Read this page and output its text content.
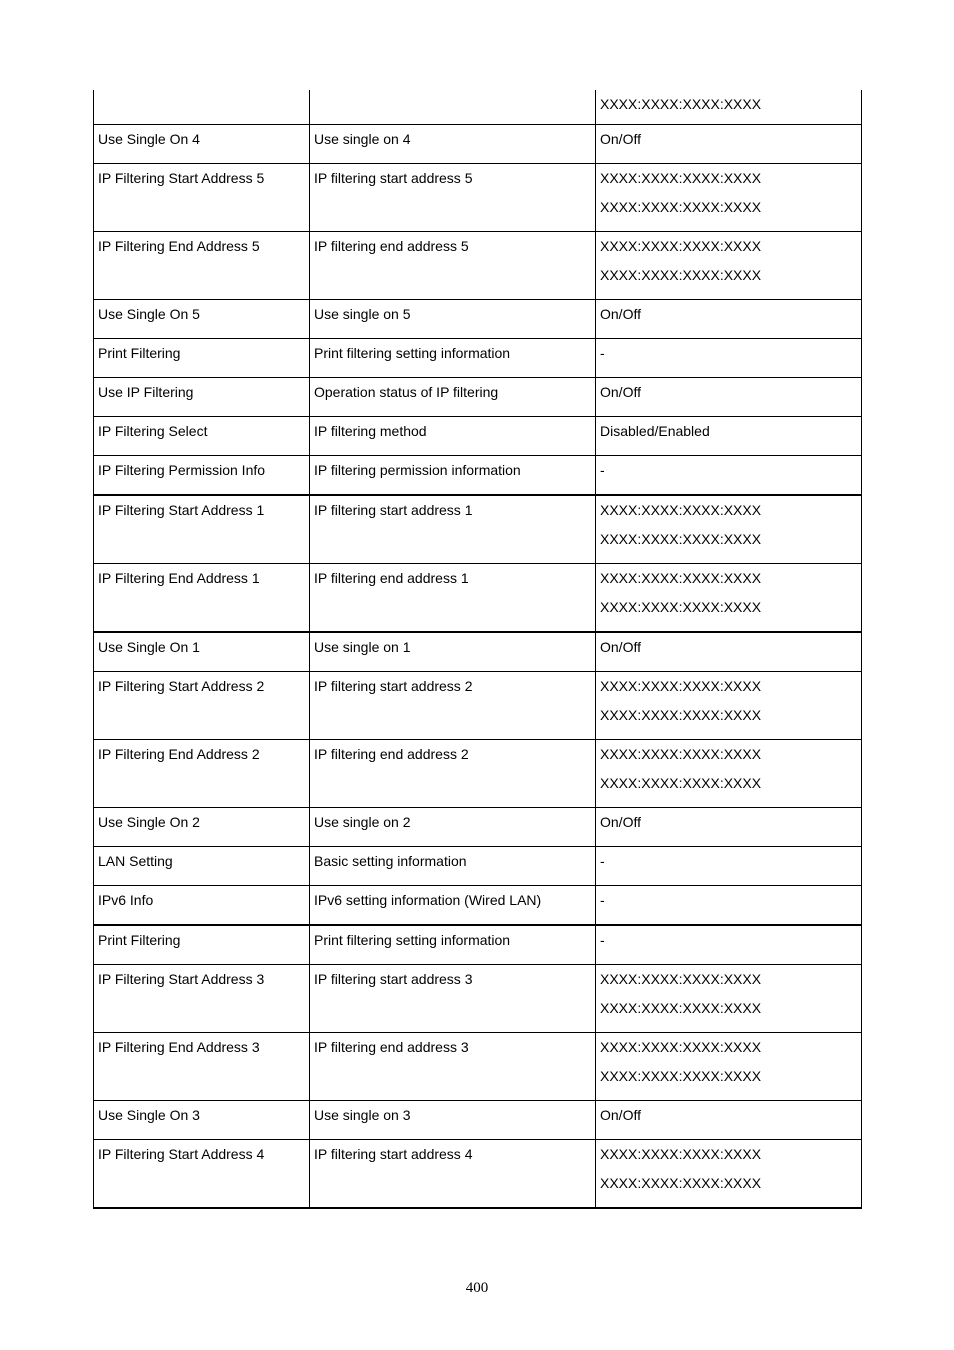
		XXXX:XXXX:XXXX:XXXX

Use Single On 4	Use single on 4	On/Off

IP Filtering Start Address 5	IP filtering start address 5	XXXX:XXXX:XXXX:XXXX
XXXX:XXXX:XXXX:XXXX

IP Filtering End Address 5	IP filtering end address 5	XXXX:XXXX:XXXX:XXXX
XXXX:XXXX:XXXX:XXXX

Use Single On 5	Use single on 5	On/Off

Print Filtering	Print filtering setting information	-

Use IP Filtering	Operation status of IP filtering	On/Off

IP Filtering Select	IP filtering method	Disabled/Enabled

IP Filtering Permission Info	IP filtering permission information	-

IP Filtering Start Address 1	IP filtering start address 1	XXXX:XXXX:XXXX:XXXX
XXXX:XXXX:XXXX:XXXX

IP Filtering End Address 1	IP filtering end address 1	XXXX:XXXX:XXXX:XXXX
XXXX:XXXX:XXXX:XXXX

Use Single On 1	Use single on 1	On/Off

IP Filtering Start Address 2	IP filtering start address 2	XXXX:XXXX:XXXX:XXXX
XXXX:XXXX:XXXX:XXXX

IP Filtering End Address 2	IP filtering end address 2	XXXX:XXXX:XXXX:XXXX
XXXX:XXXX:XXXX:XXXX

Use Single On 2	Use single on 2	On/Off

LAN Setting	Basic setting information	-

IPv6 Info	IPv6 setting information (Wired LAN)	-

Print Filtering	Print filtering setting information	-

IP Filtering Start Address 3	IP filtering start address 3	XXXX:XXXX:XXXX:XXXX
XXXX:XXXX:XXXX:XXXX

IP Filtering End Address 3	IP filtering end address 3	XXXX:XXXX:XXXX:XXXX
XXXX:XXXX:XXXX:XXXX

Use Single On 3	Use single on 3	On/Off

IP Filtering Start Address 4	IP filtering start address 4	XXXX:XXXX:XXXX:XXXX
XXXX:XXXX:XXXX:XXXX
400
